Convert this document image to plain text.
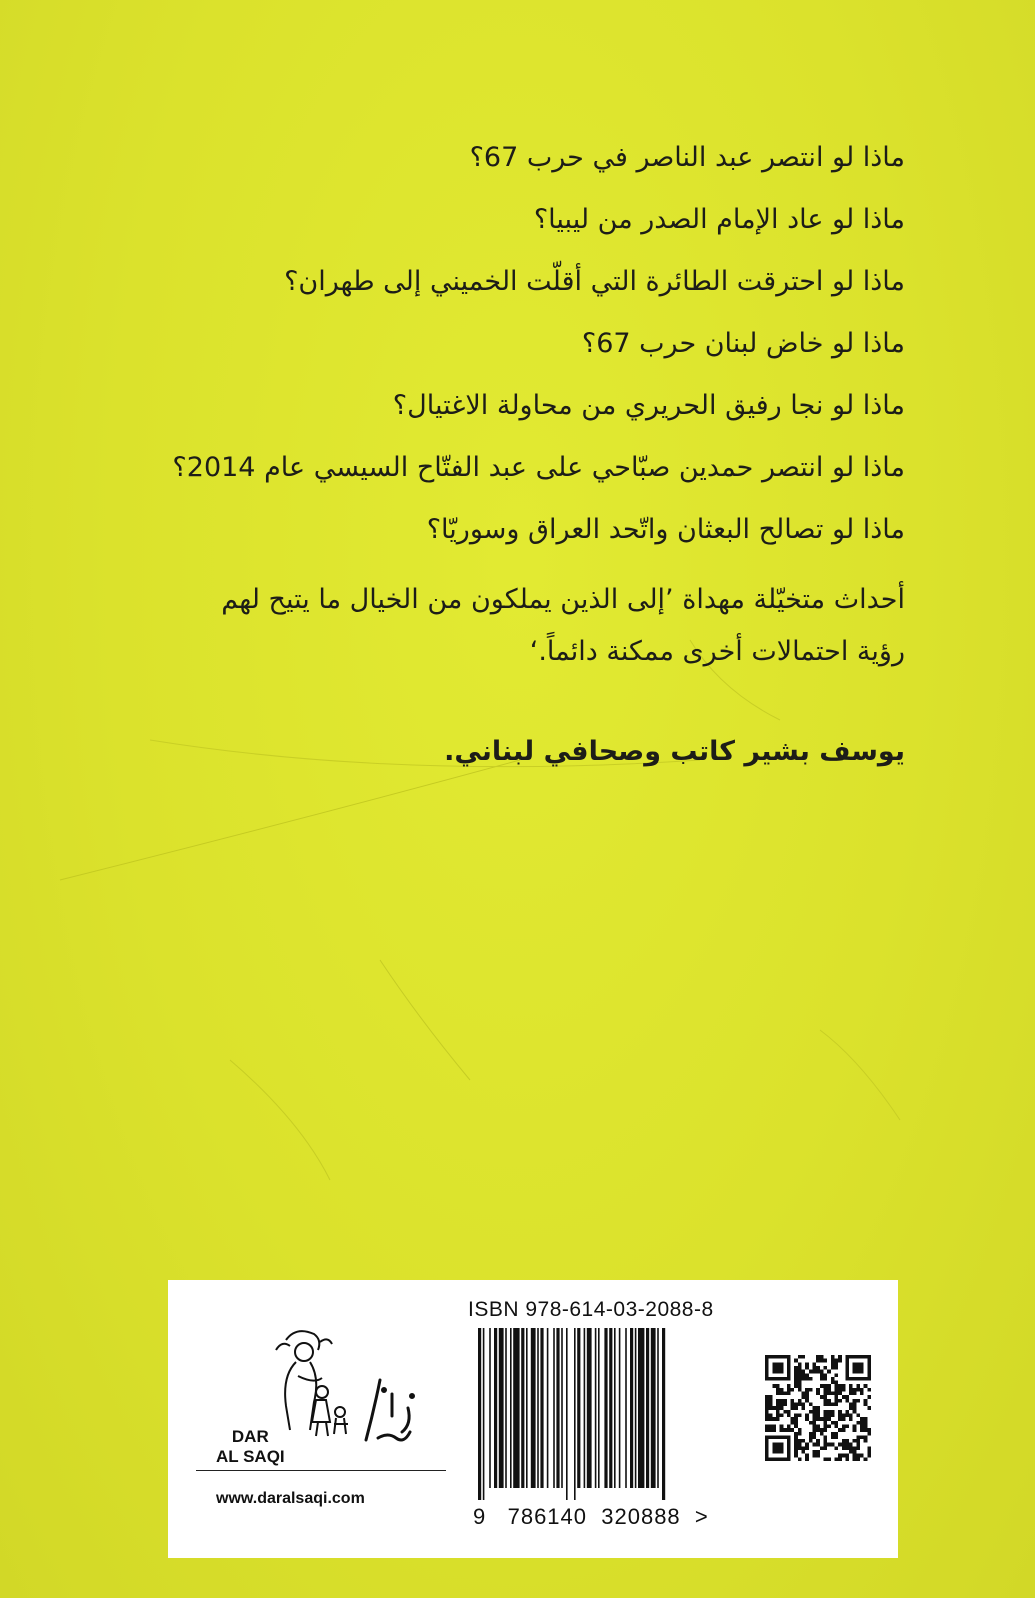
ماذا لو انتصر عبد الناصر في حرب 67؟
ماذا لو عاد الإمام الصدر من ليبيا؟
ماذا لو احترقت الطائرة التي أقلّت الخميني إلى طهران؟
ماذا لو خاض لبنان حرب 67؟
ماذا لو نجا رفيق الحريري من محاولة الاغتيال؟
ماذا لو انتصر حمدين صبّاحي على عبد الفتّاح السيسي عام 2014؟
ماذا لو تصالح البعثان واتّحد العراق وسوريّا؟
أحداث متخيّلة مهداة ’إلى الذين يملكون من الخيال ما يتيح لهم
رؤية احتمالات أخرى ممكنة دائماً.‘
يوسف بشير كاتب وصحافي لبناني.
DAR
AL SAQI
www.daralsaqi.com
ISBN 978-614-03-2088-8
9 786140 320888 >
